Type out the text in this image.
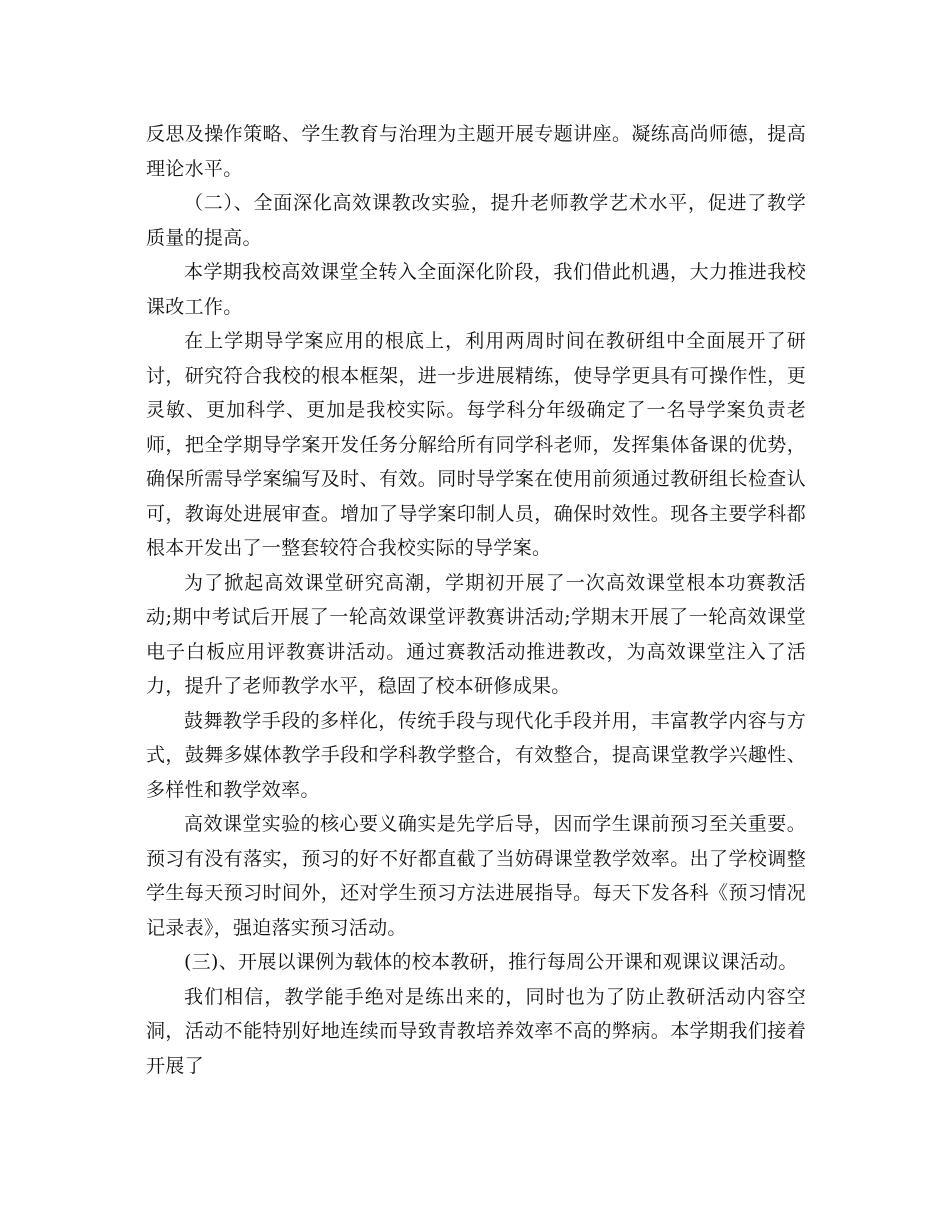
反思及操作策略、学生教育与治理为主题开展专题讲座。凝练高尚师德，提高理论水平。

（二）、全面深化高效课教改实验，提升老师教学艺术水平，促进了教学质量的提高。

本学期我校高效课堂全转入全面深化阶段，我们借此机遇，大力推进我校课改工作。

在上学期导学案应用的根底上，利用两周时间在教研组中全面展开了研讨，研究符合我校的根本框架，进一步进展精练，使导学更具有可操作性，更灵敏、更加科学、更加是我校实际。每学科分年级确定了一名导学案负责老师，把全学期导学案开发任务分解给所有同学科老师，发挥集体备课的优势，确保所需导学案编写及时、有效。同时导学案在使用前须通过教研组长检查认可，教诲处进展审查。增加了导学案印制人员，确保时效性。现各主要学科都根本开发出了一整套较符合我校实际的导学案。

为了掀起高效课堂研究高潮，学期初开展了一次高效课堂根本功赛教活动;期中考试后开展了一轮高效课堂评教赛讲活动;学期末开展了一轮高效课堂电子白板应用评教赛讲活动。通过赛教活动推进教改，为高效课堂注入了活力，提升了老师教学水平，稳固了校本研修成果。

鼓舞教学手段的多样化，传统手段与现代化手段并用，丰富教学内容与方式，鼓舞多媒体教学手段和学科教学整合，有效整合，提高课堂教学兴趣性、多样性和教学效率。

高效课堂实验的核心要义确实是先学后导，因而学生课前预习至关重要。预习有没有落实，预习的好不好都直截了当妨碍课堂教学效率。出了学校调整学生每天预习时间外，还对学生预习方法进展指导。每天下发各科《预习情况记录表》，强迫落实预习活动。

(三)、开展以课例为载体的校本教研，推行每周公开课和观课议课活动。

我们相信，教学能手绝对是练出来的，同时也为了防止教研活动内容空洞，活动不能特别好地连续而导致青教培养效率不高的弊病。本学期我们接着开展了
